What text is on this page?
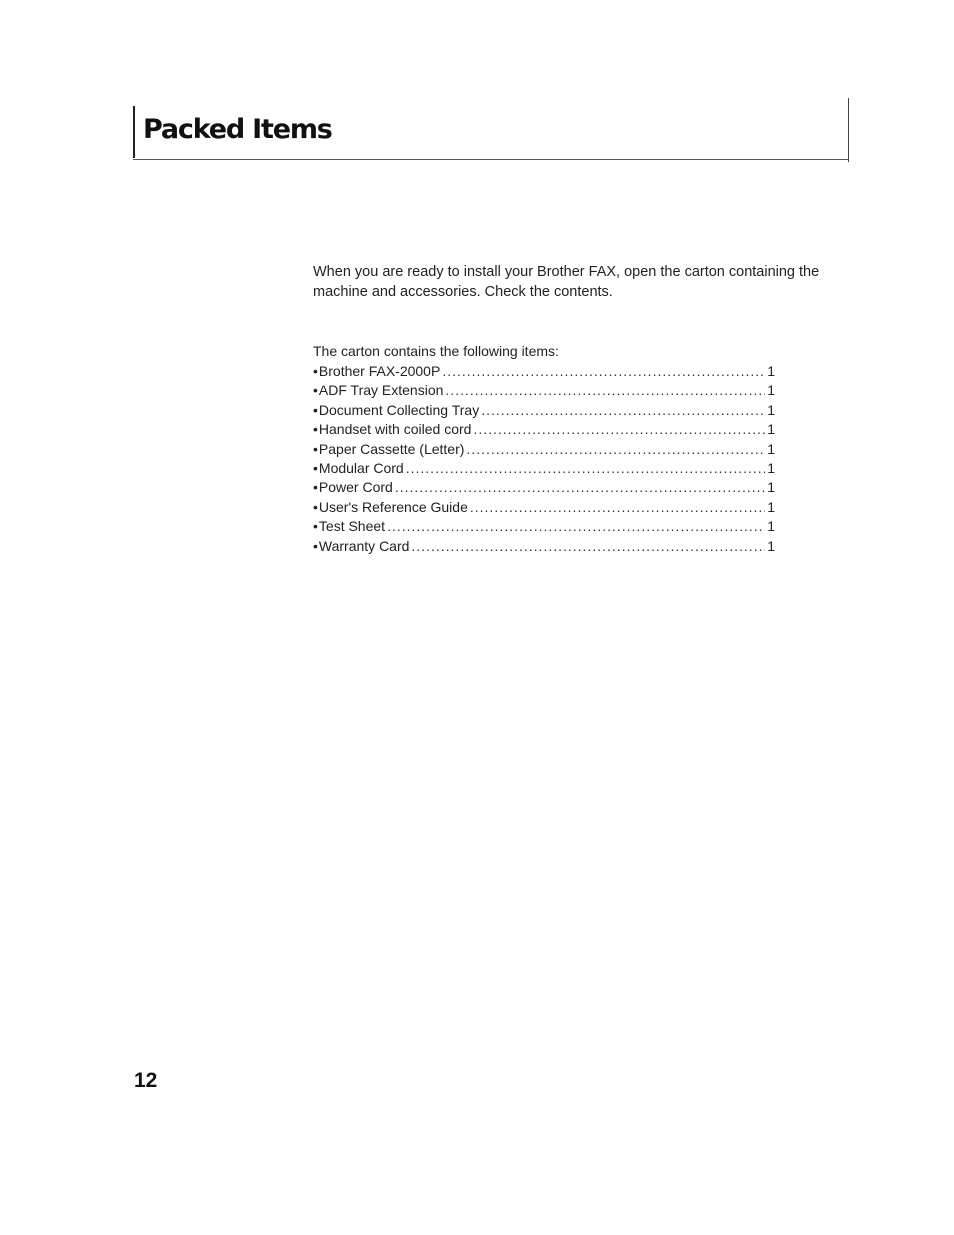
Packed Items

When you are ready to install your Brother FAX, open the carton containing the machine and accessories. Check the contents.

The carton contains the following items:

• Brother FAX-2000P .....	1
• ADF Tray Extension .....	1
• Document Collecting Tray .....	1
• Handset with coiled cord .....	1
• Paper Cassette (Letter) .....	1
• Modular Cord .....	1
• Power Cord .....	1
• User's Reference Guide .....	1
• Test Sheet .....	1
• Warranty Card .....	1

12
